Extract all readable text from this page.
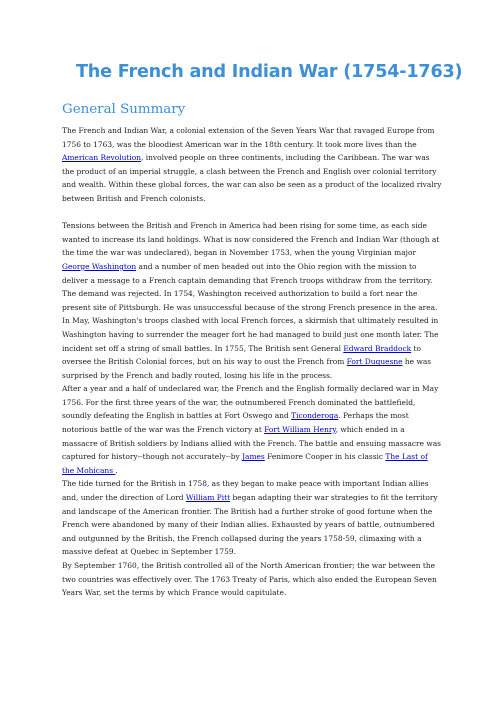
The French and Indian War (1754-1763)
General Summary

The French and Indian War, a colonial extension of the Seven Years War that ravaged Europe from 1756 to 1763, was the bloodiest American war in the 18th century. It took more lives than the American Revolution, involved people on three continents, including the Caribbean. The war was the product of an imperial struggle, a clash between the French and English over colonial territory and wealth. Within these global forces, the war can also be seen as a product of the localized rivalry between British and French colonists.

Tensions between the British and French in America had been rising for some time, as each side wanted to increase its land holdings. What is now considered the French and Indian War (though at the time the war was undeclared), began in November 1753, when the young Virginian major George Washington and a number of men headed out into the Ohio region with the mission to deliver a message to a French captain demanding that French troops withdraw from the territory. The demand was rejected. In 1754, Washington received authorization to build a fort near the present site of Pittsburgh. He was unsuccessful because of the strong French presence in the area. In May, Washington's troops clashed with local French forces, a skirmish that ultimately resulted in Washington having to surrender the meager fort he had managed to build just one month later. The incident set off a string of small battles. In 1755, The British sent General Edward Braddock to oversee the British Colonial forces, but on his way to oust the French from Fort Duquesne he was surprised by the French and badly routed, losing his life in the process.

After a year and a half of undeclared war, the French and the English formally declared war in May 1756. For the first three years of the war, the outnumbered French dominated the battlefield, soundly defeating the English in battles at Fort Oswego and Ticonderoga. Perhaps the most notorious battle of the war was the French victory at Fort William Henry, which ended in a massacre of British soldiers by Indians allied with the French. The battle and ensuing massacre was captured for history--though not accurately--by James Fenimore Cooper in his classic The Last of the Mohicans .

The tide turned for the British in 1758, as they began to make peace with important Indian allies and, under the direction of Lord William Pitt began adapting their war strategies to fit the territory and landscape of the American frontier. The British had a further stroke of good fortune when the French were abandoned by many of their Indian allies. Exhausted by years of battle, outnumbered and outgunned by the British, the French collapsed during the years 1758-59, climaxing with a massive defeat at Quebec in September 1759.

By September 1760, the British controlled all of the North American frontier; the war between the two countries was effectively over. The 1763 Treaty of Paris, which also ended the European Seven Years War, set the terms by which France would capitulate.
